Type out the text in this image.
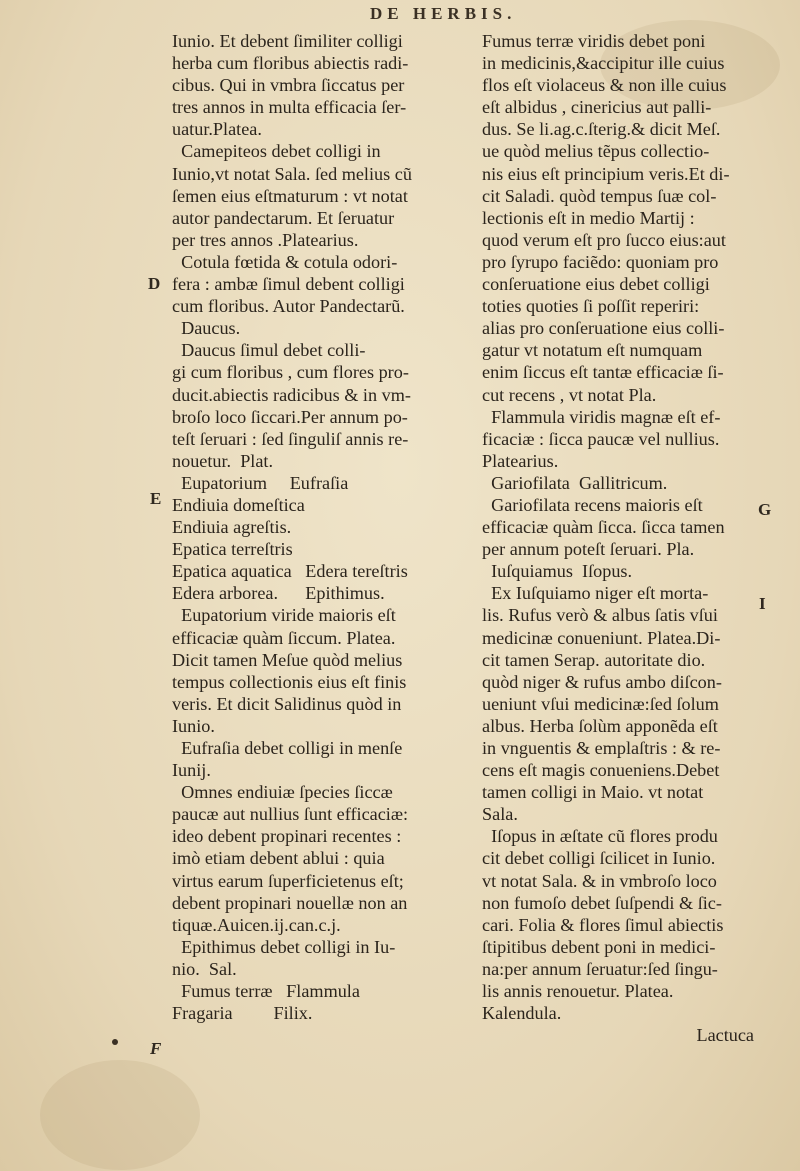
DE HERBIS.
D
E
F
G
I
Iunio. Et debent ſimiliter colligi
herba cum floribus abiectis radi-
cibus. Qui in vmbra ſiccatus per
tres annos in multa efficacia ſer-
uatur.Platea.
Camepiteos debet colligi in
Iunio,vt notat Sala. ſed melius cũ
ſemen eius eſtmaturum : vt notat
autor pandectarum. Et ſeruatur
per tres annos .Platearius.
Cotula fœtida & cotula odori-
fera : ambæ ſimul debent colligi
cum floribus. Autor Pandectarũ.
Daucus.
Daucus ſimul debet colli-
gi cum floribus , cum flores pro-
ducit.abiectis radicibus & in vm-
broſo loco ſiccari.Per annum po-
teſt ſeruari : ſed ſinguliſ annis re-
nouetur.  Plat.
Eupatorium     Eufraſia
Endiuia domeſtica
Endiuia agreſtis.
Epatica terreſtris
Epatica aquatica   Edera tereſtris
Edera arborea.      Epithimus.
Eupatorium viride maioris eſt
efficaciæ quàm ſiccum. Platea.
Dicit tamen Meſue quòd melius
tempus collectionis eius eſt finis
veris. Et dicit Salidinus quòd in
Iunio.
Eufraſia debet colligi in menſe
Iunij.
Omnes endiuiæ ſpecies ſiccæ
paucæ aut nullius ſunt efficaciæ:
ideo debent propinari recentes :
imò etiam debent ablui : quia
virtus earum ſuperficietenus eſt;
debent propinari nouellæ non an
tiquæ.Auicen.ij.can.c.j.
Epithimus debet colligi in Iu-
nio.  Sal.
Fumus terræ   Flammula
Fragaria         Filix.
Fumus terræ viridis debet poni
in medicinis,&accipitur ille cuius
flos eſt violaceus & non ille cuius
eſt albidus , cinericius aut palli-
dus. Se li.ag.c.ſterig.& dicit Meſ.
ue quòd melius tẽpus collectio-
nis eius eſt principium veris.Et di-
cit Saladi. quòd tempus ſuæ col-
lectionis eſt in medio Martij :
quod verum eſt pro ſucco eius:aut
pro ſyrupo faciẽdo: quoniam pro
conſeruatione eius debet colligi
toties quoties ſi poſſit reperiri:
alias pro conſeruatione eius colli-
gatur vt notatum eſt numquam
enim ſiccus eſt tantæ efficaciæ ſi-
cut recens , vt notat Pla.
Flammula viridis magnæ eſt ef-
ficaciæ : ſicca paucæ vel nullius.
Platearius.
Gariofilata  Gallitricum.
Gariofilata recens maioris eſt
efficaciæ quàm ſicca. ſicca tamen
per annum poteſt ſeruari. Pla.
Iuſquiamus  Iſopus.
Ex Iuſquiamo niger eſt morta-
lis. Rufus verò & albus ſatis vſui
medicinæ conueniunt. Platea.Di-
cit tamen Serap. autoritate dio.
quòd niger & rufus ambo diſcon-
ueniunt vſui medicinæ:ſed ſolum
albus. Herba ſolùm apponẽda eſt
in vnguentis & emplaſtris : & re-
cens eſt magis conueniens.Debet
tamen colligi in Maio. vt notat
Sala.
Iſopus in æſtate cũ flores produ
cit debet colligi ſcilicet in Iunio.
vt notat Sala. & in vmbroſo loco
non fumoſo debet ſuſpendi & ſic-
cari. Folia & flores ſimul abiectis
ſtipitibus debent poni in medici-
na:per annum ſeruatur:ſed ſingu-
lis annis renouetur. Platea.
Kalendula.
Lactuca
